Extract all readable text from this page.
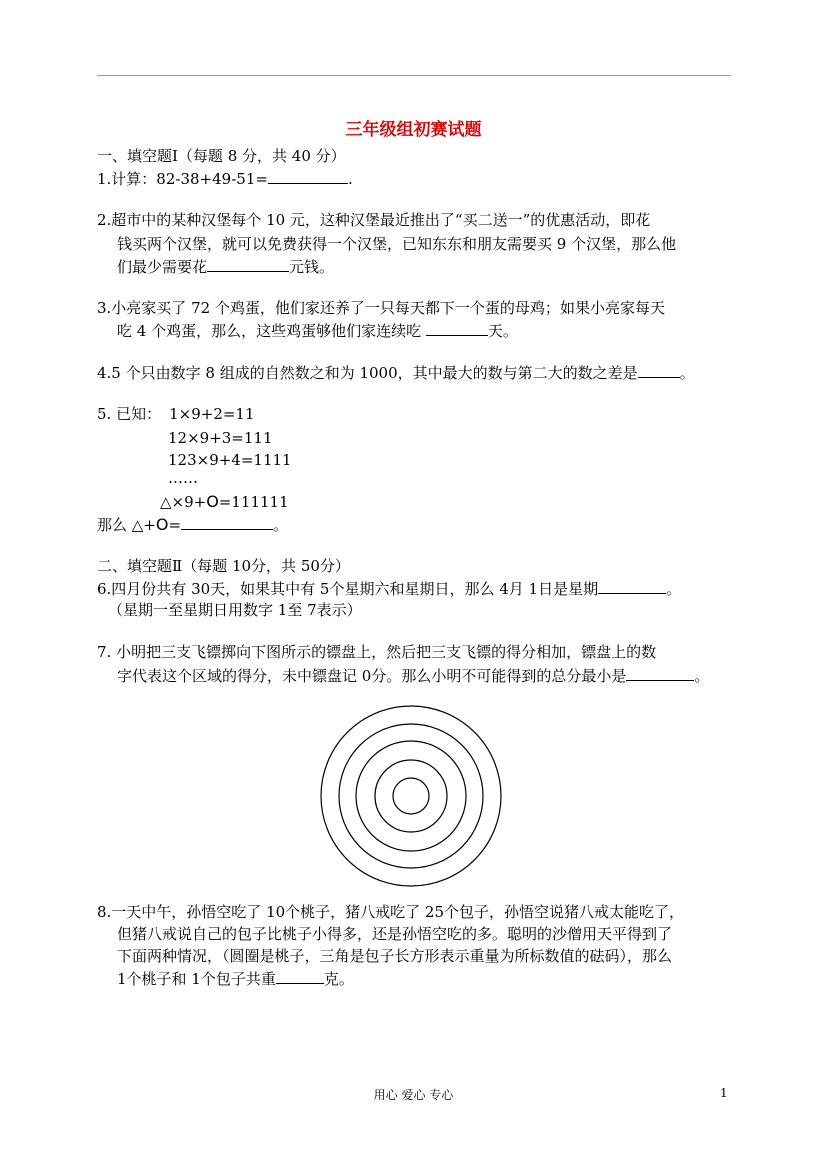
三年级组初赛试题
一、填空题Ⅰ（每题 8 分，共 40 分）
1.计算：82-38+49-51=	.
2.超市中的某种汉堡每个 10 元，这种汉堡最近推出了“买二送一”的优惠活动，即花
钱买两个汉堡，就可以免费获得一个汉堡，已知东东和朋友需要买 9 个汉堡，那么他
们最少需要花	元钱。
3.小亮家买了 72 个鸡蛋，他们家还养了一只每天都下一个蛋的母鸡；如果小亮家每天
吃 4 个鸡蛋，那么，这些鸡蛋够他们家连续吃	天。
4.5 个只由数字 8 组成的自然数之和为 1000，其中最大的数与第二大的数之差是	。
5. 已知： 1×9+2=11
12×9+3=111
123×9+4=1111
……
△×9+O=111111
那么 △+O=	。
二、填空题Ⅱ（每题 10分，共 50分）
6.四月份共有 30天，如果其中有 5个星期六和星期日，那么 4月 1日是星期	。
（星期一至星期日用数字 1至 7表示）
7. 小明把三支飞镖掷向下图所示的镖盘上，然后把三支飞镖的得分相加，镖盘上的数
字代表这个区域的得分，未中镖盘记 0分。那么小明不可能得到的总分最小是	。
8.一天中午，孙悟空吃了 10个桃子，猪八戒吃了 25个包子，孙悟空说猪八戒太能吃了，
但猪八戒说自己的包子比桃子小得多，还是孙悟空吃的多。聪明的沙僧用天平得到了
下面两种情况，（圆圈是桃子，三角是包子长方形表示重量为所标数值的砝码），那么
1个桃子和 1个包子共重	克。
用心 爱心 专心	1
